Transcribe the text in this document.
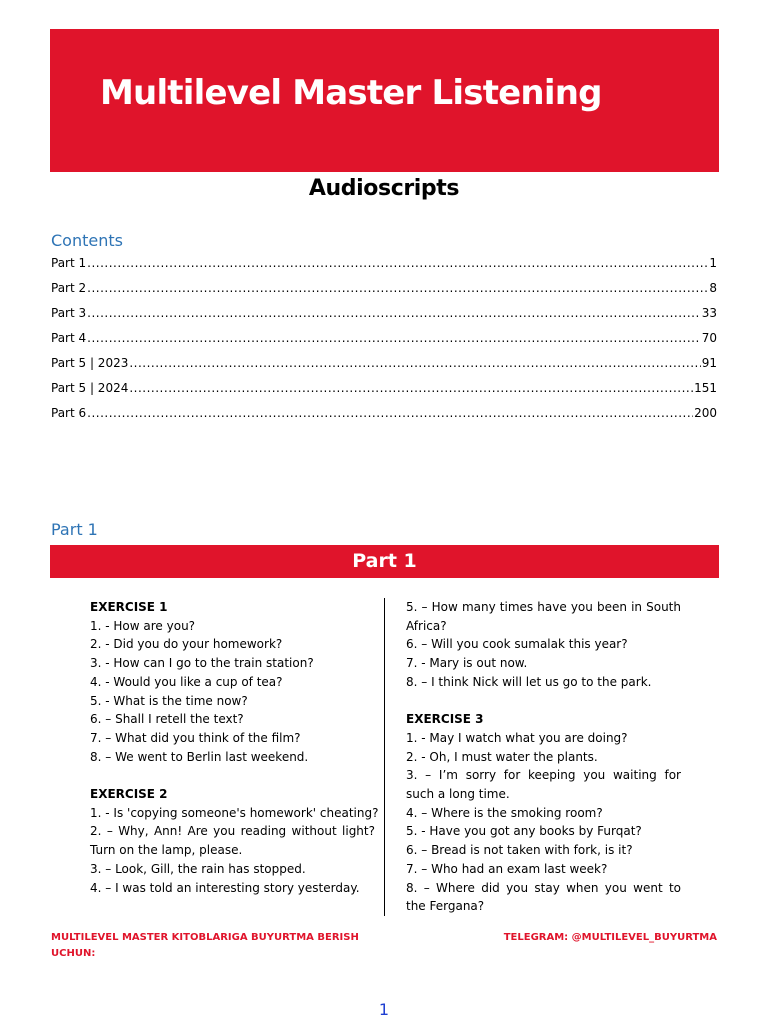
Multilevel Master Listening
Audioscripts
Contents
Part 1 .....	1
Part 2 .....	8
Part 3 .....	33
Part 4 .....	70
Part 5 | 2023 .....	91
Part 5 | 2024 .....	151
Part 6 .....	200
Part 1
Part 1
EXERCISE 1
1. - How are you?
2. - Did you do your homework?
3. - How can I go to the train station?
4. - Would you like a cup of tea?
5. - What is the time now?
6. – Shall I retell the text?
7. – What did you think of the film?
8. – We went to Berlin last weekend.
EXERCISE 2
1. - Is 'copying someone's homework' cheating?
2. – Why, Ann! Are you reading without light? Turn on the lamp, please.
3. – Look, Gill, the rain has stopped.
4. – I was told an interesting story yesterday.
5. – How many times have you been in South Africa?
6. – Will you cook sumalak this year?
7. - Mary is out now.
8. – I think Nick will let us go to the park.
EXERCISE 3
1. - May I watch what you are doing?
2. - Oh, I must water the plants.
3. – I’m sorry for keeping you waiting for such a long time.
4. – Where is the smoking room?
5. - Have you got any books by Furqat?
6. – Bread is not taken with fork, is it?
7. – Who had an exam last week?
8. – Where did you stay when you went to the Fergana?
MULTILEVEL MASTER KITOBLARIGA BUYURTMA BERISH UCHUN:
TELEGRAM: @MULTILEVEL_BUYURTMA
1
